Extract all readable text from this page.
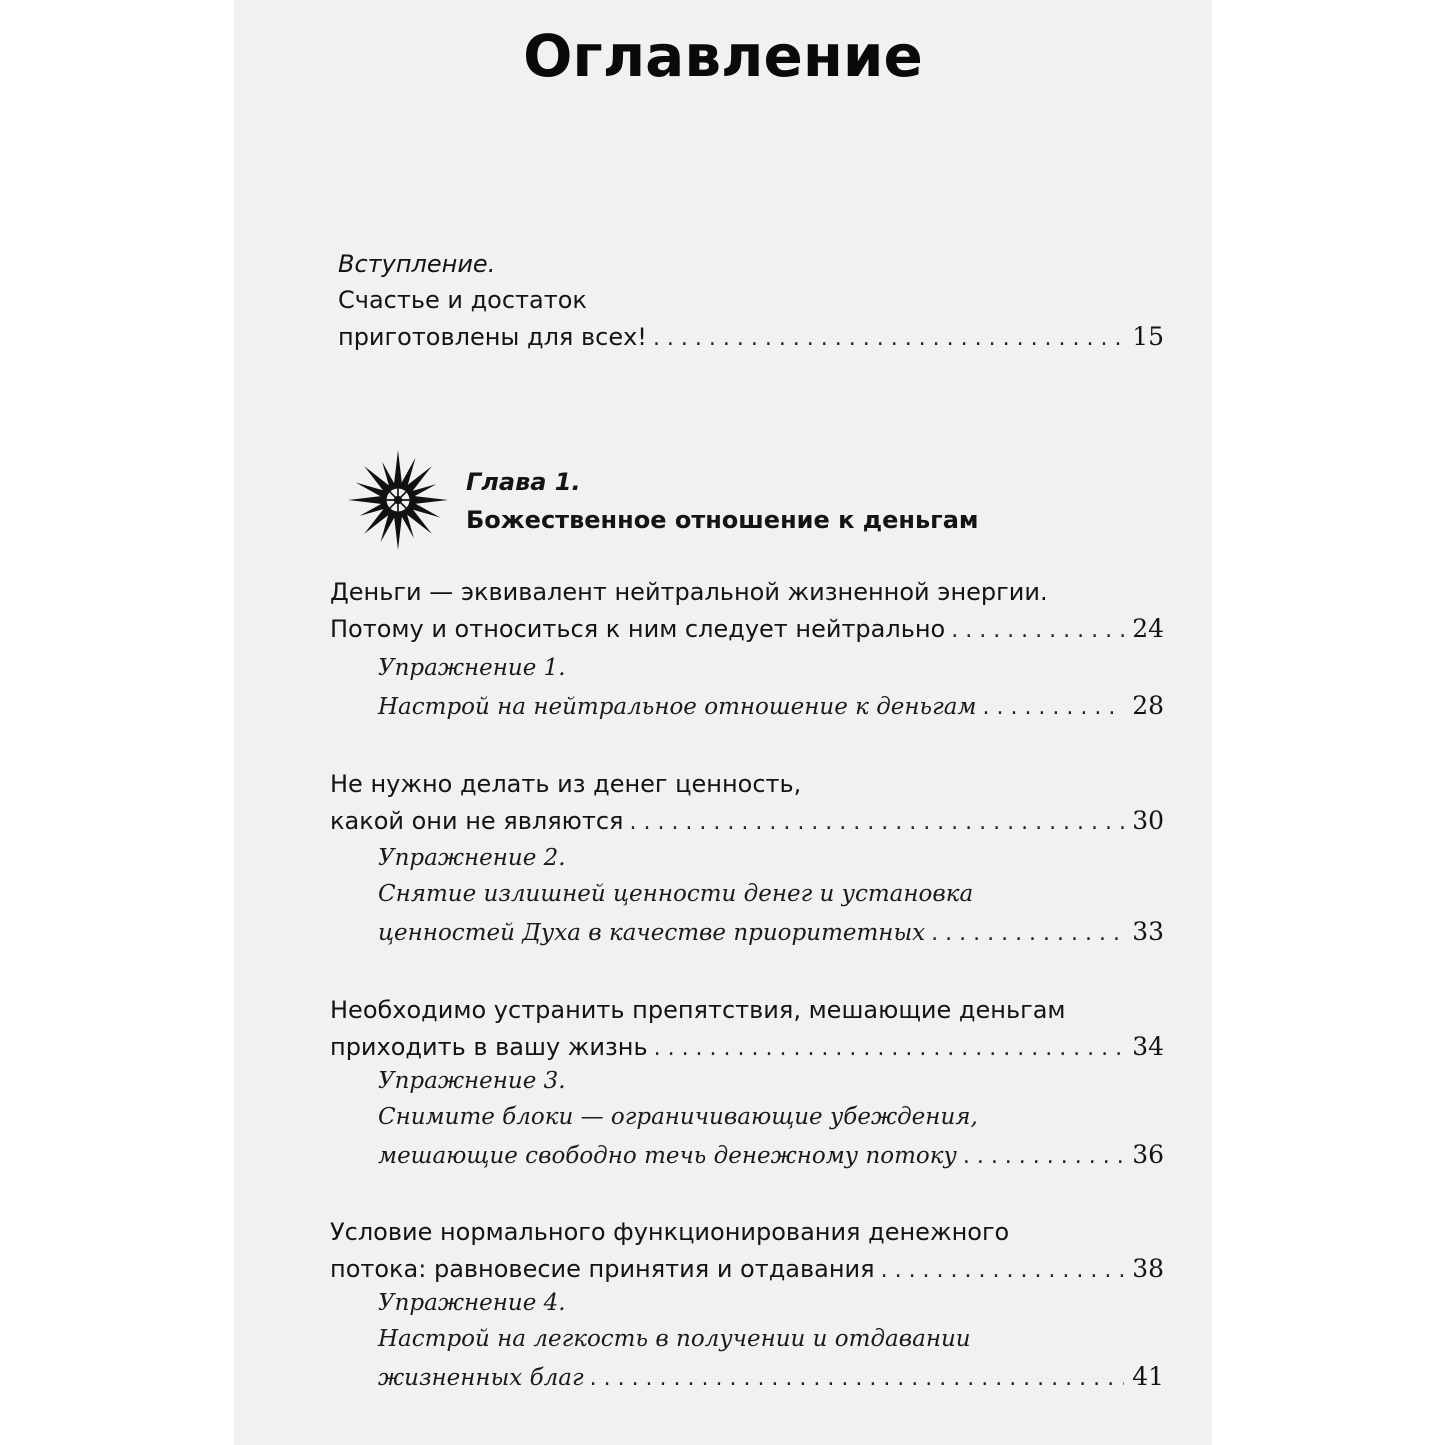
Оглавление
Вступление.
Счастье и достаток
приготовлены для всех! . . .	15
Глава 1.
Божественное отношение к деньгам
Деньги — эквивалент нейтральной жизненной энергии.
Потому и относиться к ним следует нейтрально . . .	24
Упражнение 1.
Настрой на нейтральное отношение к деньгам . . .	28
Не нужно делать из денег ценность,
какой они не являются . . .	30
Упражнение 2.
Снятие излишней ценности денег и установка
ценностей Духа в качестве приоритетных . . .	33
Необходимо устранить препятствия, мешающие деньгам
приходить в вашу жизнь . . .	34
Упражнение 3.
Снимите блоки — ограничивающие убеждения,
мешающие свободно течь денежному потоку . . .	36
Условие нормального функционирования денежного
потока: равновесие принятия и отдавания . . .	38
Упражнение 4.
Настрой на легкость в получении и отдавании
жизненных благ . . .	41
